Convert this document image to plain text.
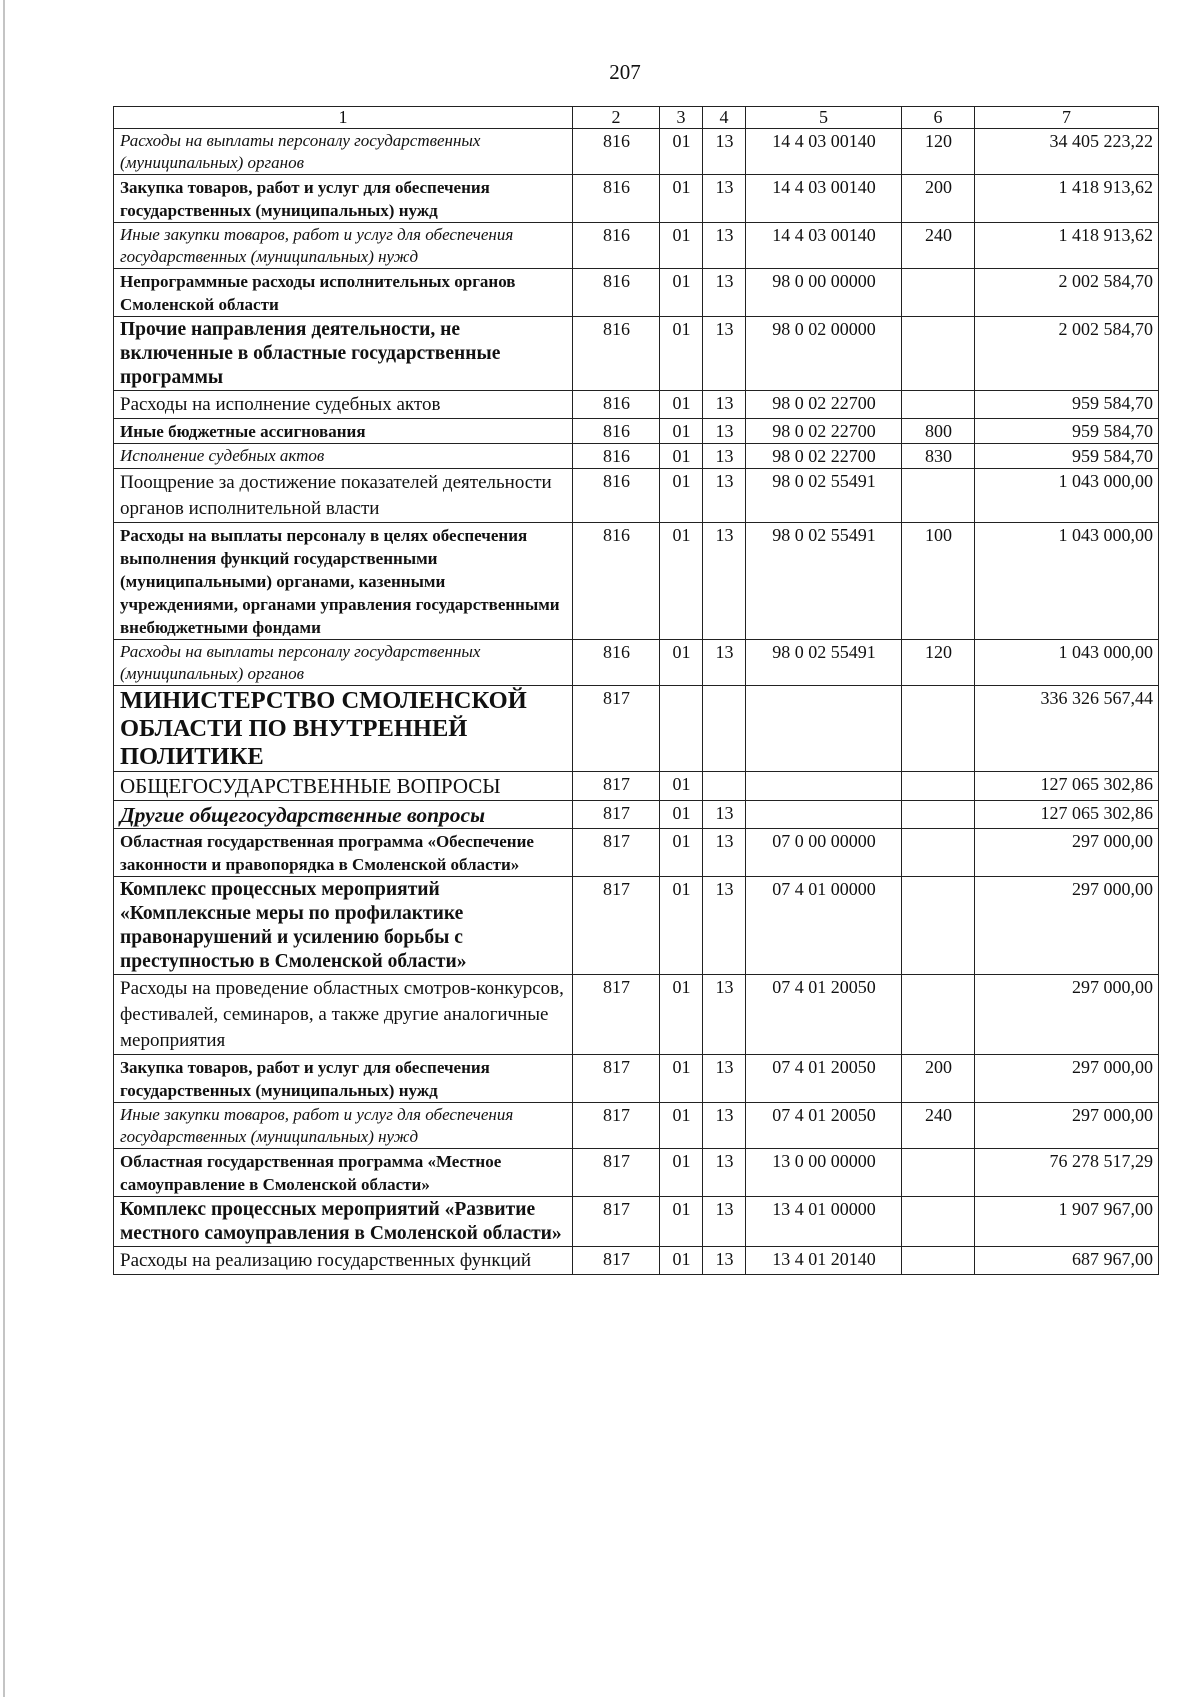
207
1	2	3	4	5	6	7
Расходы на выплаты персоналу государственных (муниципальных) органов	816	01	13	14 4 03 00140	120	34 405 223,22
Закупка товаров, работ и услуг для обеспечения государственных (муниципальных) нужд	816	01	13	14 4 03 00140	200	1 418 913,62
Иные закупки товаров, работ и услуг для обеспечения государственных (муниципальных) нужд	816	01	13	14 4 03 00140	240	1 418 913,62
Непрограммные расходы исполнительных органов Смоленской области	816	01	13	98 0 00 00000		2 002 584,70
Прочие направления деятельности, не включенные в областные государственные программы	816	01	13	98 0 02 00000		2 002 584,70
Расходы на исполнение судебных актов	816	01	13	98 0 02 22700		959 584,70
Иные бюджетные ассигнования	816	01	13	98 0 02 22700	800	959 584,70
Исполнение судебных актов	816	01	13	98 0 02 22700	830	959 584,70
Поощрение за достижение показателей деятельности органов исполнительной власти	816	01	13	98 0 02 55491		1 043 000,00
Расходы на выплаты персоналу в целях обеспечения выполнения функций государственными (муниципальными) органами, казенными учреждениями, органами управления государственными внебюджетными фондами	816	01	13	98 0 02 55491	100	1 043 000,00
Расходы на выплаты персоналу государственных (муниципальных) органов	816	01	13	98 0 02 55491	120	1 043 000,00
МИНИСТЕРСТВО СМОЛЕНСКОЙ ОБЛАСТИ ПО ВНУТРЕННЕЙ ПОЛИТИКЕ	817					336 326 567,44
ОБЩЕГОСУДАРСТВЕННЫЕ ВОПРОСЫ	817	01				127 065 302,86
Другие общегосударственные вопросы	817	01	13			127 065 302,86
Областная государственная программа «Обеспечение законности и правопорядка в Смоленской области»	817	01	13	07 0 00 00000		297 000,00
Комплекс процессных мероприятий «Комплексные меры по профилактике правонарушений и усилению борьбы с преступностью в Смоленской области»	817	01	13	07 4 01 00000		297 000,00
Расходы на проведение областных смотров-конкурсов, фестивалей, семинаров, а также другие аналогичные мероприятия	817	01	13	07 4 01 20050		297 000,00
Закупка товаров, работ и услуг для обеспечения государственных (муниципальных) нужд	817	01	13	07 4 01 20050	200	297 000,00
Иные закупки товаров, работ и услуг для обеспечения государственных (муниципальных) нужд	817	01	13	07 4 01 20050	240	297 000,00
Областная государственная программа «Местное самоуправление в Смоленской области»	817	01	13	13 0 00 00000		76 278 517,29
Комплекс процессных мероприятий «Развитие местного самоуправления в Смоленской области»	817	01	13	13 4 01 00000		1 907 967,00
Расходы на реализацию государственных функций	817	01	13	13 4 01 20140		687 967,00
